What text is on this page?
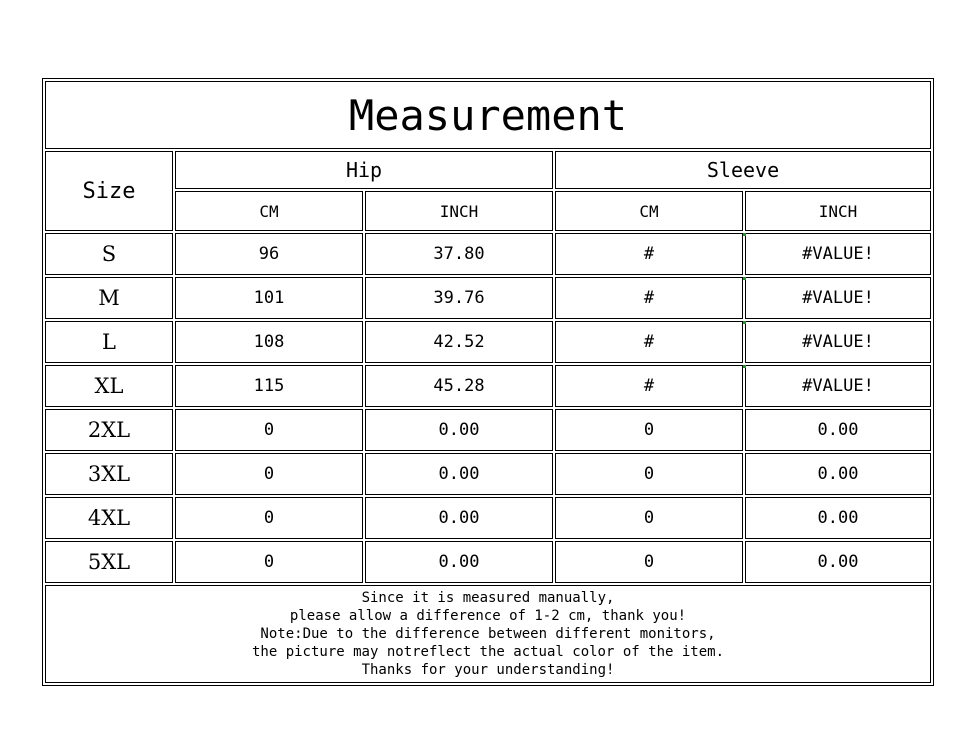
Measurement
Size
Hip	Sleeve
CM	INCH	CM	INCH
S	96	37.80	#	#VALUE!
M	101	39.76	#	#VALUE!
L	108	42.52	#	#VALUE!
XL	115	45.28	#	#VALUE!
2XL	0	0.00	0	0.00
3XL	0	0.00	0	0.00
4XL	0	0.00	0	0.00
5XL	0	0.00	0	0.00
Since it is measured manually,
please allow a difference of 1-2 cm, thank you!
Note:Due to the difference between different monitors,
the picture may notreflect the actual color of the item.
Thanks for your understanding!
